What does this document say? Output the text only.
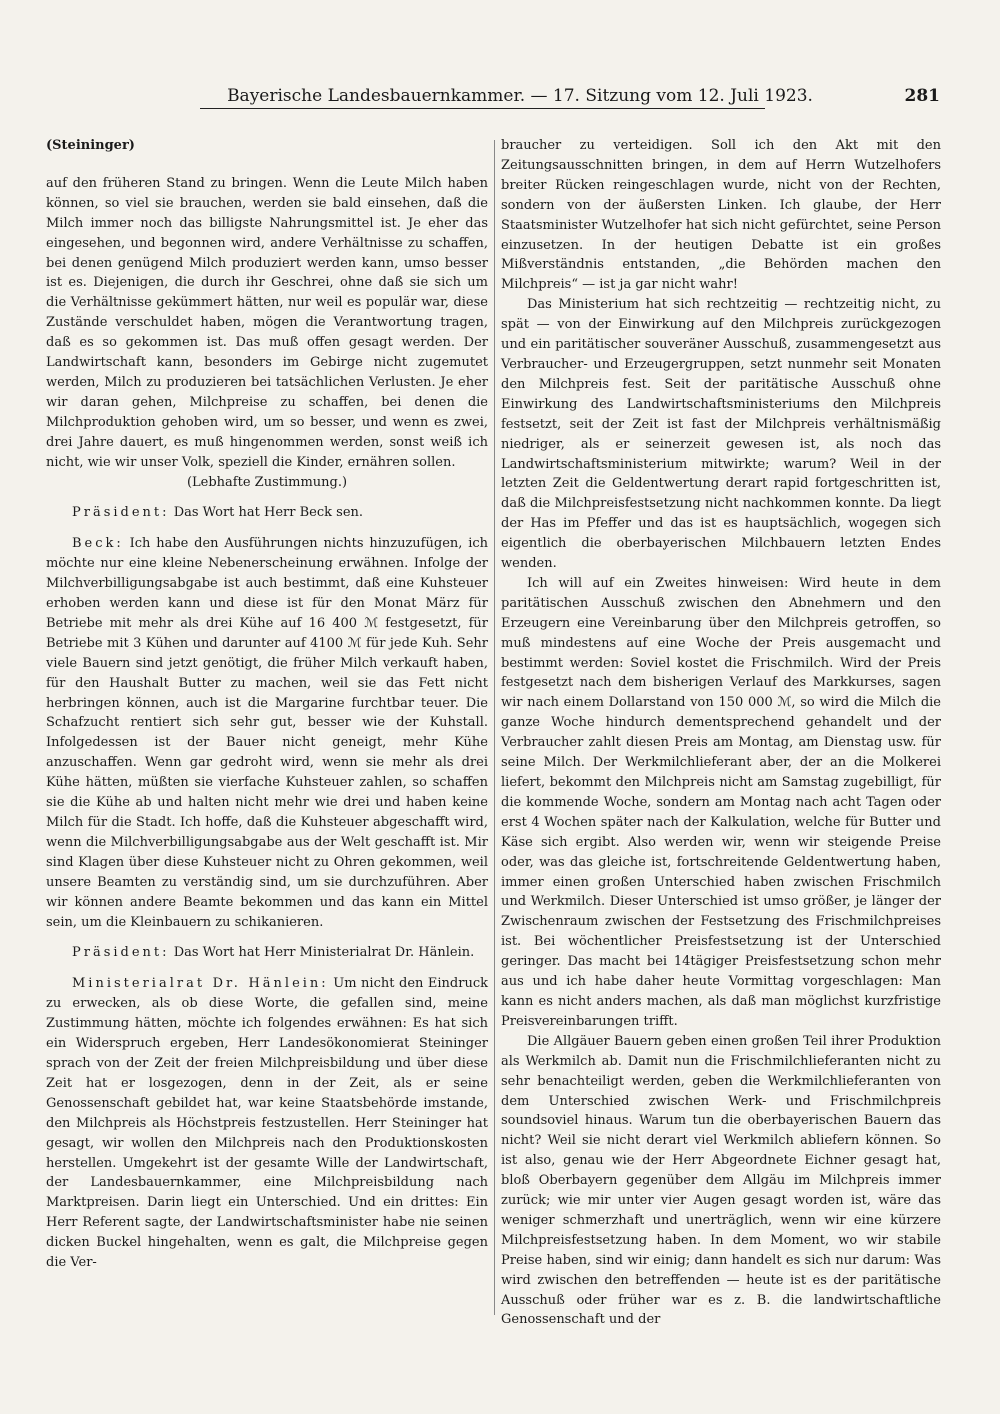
Bayerische Landesbauernkammer. — 17. Sitzung vom 12. Juli 1923.	281

(Steininger)

auf den früheren Stand zu bringen. Wenn die Leute Milch haben können, so viel sie brauchen, werden sie bald einsehen, daß die Milch immer noch das billigste Nahrungsmittel ist. Je eher das eingesehen, und begonnen wird, andere Verhältnisse zu schaffen, bei denen genügend Milch produziert werden kann, umso besser ist es. Diejenigen, die durch ihr Geschrei, ohne daß sie sich um die Verhältnisse gekümmert hätten, nur weil es populär war, diese Zustände verschuldet haben, mögen die Verantwortung tragen, daß es so gekommen ist. Das muß offen gesagt werden. Der Landwirtschaft kann, besonders im Gebirge nicht zugemutet werden, Milch zu produzieren bei tatsächlichen Verlusten. Je eher wir daran gehen, Milchpreise zu schaffen, bei denen die Milchproduktion gehoben wird, um so besser, und wenn es zwei, drei Jahre dauert, es muß hingenommen werden, sonst weiß ich nicht, wie wir unser Volk, speziell die Kinder, ernähren sollen.

(Lebhafte Zustimmung.)

Präsident: Das Wort hat Herr Beck sen.

Beck: Ich habe den Ausführungen nichts hinzuzufügen, ich möchte nur eine kleine Nebenerscheinung erwähnen. Infolge der Milchverbilligungsabgabe ist auch bestimmt, daß eine Kuhsteuer erhoben werden kann und diese ist für den Monat März für Betriebe mit mehr als drei Kühe auf 16 400 ℳ festgesetzt, für Betriebe mit 3 Kühen und darunter auf 4100 ℳ für jede Kuh. Sehr viele Bauern sind jetzt genötigt, die früher Milch verkauft haben, für den Haushalt Butter zu machen, weil sie das Fett nicht herbringen können, auch ist die Margarine furchtbar teuer. Die Schafzucht rentiert sich sehr gut, besser wie der Kuhstall. Infolgedessen ist der Bauer nicht geneigt, mehr Kühe anzuschaffen. Wenn gar gedroht wird, wenn sie mehr als drei Kühe hätten, müßten sie vierfache Kuhsteuer zahlen, so schaffen sie die Kühe ab und halten nicht mehr wie drei und haben keine Milch für die Stadt. Ich hoffe, daß die Kuhsteuer abgeschafft wird, wenn die Milchverbilligungsabgabe aus der Welt geschafft ist. Mir sind Klagen über diese Kuhsteuer nicht zu Ohren gekommen, weil unsere Beamten zu verständig sind, um sie durchzuführen. Aber wir können andere Beamte bekommen und das kann ein Mittel sein, um die Kleinbauern zu schikanieren.

Präsident: Das Wort hat Herr Ministerialrat Dr. Hänlein.

Ministerialrat Dr. Hänlein: Um nicht den Eindruck zu erwecken, als ob diese Worte, die gefallen sind, meine Zustimmung hätten, möchte ich folgendes erwähnen: Es hat sich ein Widerspruch ergeben, Herr Landesökonomierat Steininger sprach von der Zeit der freien Milchpreisbildung und über diese Zeit hat er losgezogen, denn in der Zeit, als er seine Genossenschaft gebildet hat, war keine Staatsbehörde imstande, den Milchpreis als Höchstpreis festzustellen. Herr Steininger hat gesagt, wir wollen den Milchpreis nach den Produktionskosten herstellen. Umgekehrt ist der gesamte Wille der Landwirtschaft, der Landesbauernkammer, eine Milchpreisbildung nach Marktpreisen. Darin liegt ein Unterschied. Und ein drittes: Ein Herr Referent sagte, der Landwirtschaftsminister habe nie seinen dicken Buckel hingehalten, wenn es galt, die Milchpreise gegen die Ver-

braucher zu verteidigen. Soll ich den Akt mit den Zeitungsausschnitten bringen, in dem auf Herrn Wutzelhofers breiter Rücken reingeschlagen wurde, nicht von der Rechten, sondern von der äußersten Linken. Ich glaube, der Herr Staatsminister Wutzelhofer hat sich nicht gefürchtet, seine Person einzusetzen. In der heutigen Debatte ist ein großes Mißverständnis entstanden, „die Behörden machen den Milchpreis“ — ist ja gar nicht wahr!

Das Ministerium hat sich rechtzeitig — rechtzeitig nicht, zu spät — von der Einwirkung auf den Milchpreis zurückgezogen und ein paritätischer souveräner Ausschuß, zusammengesetzt aus Verbraucher- und Erzeugergruppen, setzt nunmehr seit Monaten den Milchpreis fest. Seit der paritätische Ausschuß ohne Einwirkung des Landwirtschaftsministeriums den Milchpreis festsetzt, seit der Zeit ist fast der Milchpreis verhältnismäßig niedriger, als er seinerzeit gewesen ist, als noch das Landwirtschaftsministerium mitwirkte; warum? Weil in der letzten Zeit die Geldentwertung derart rapid fortgeschritten ist, daß die Milchpreisfestsetzung nicht nachkommen konnte. Da liegt der Has im Pfeffer und das ist es hauptsächlich, wogegen sich eigentlich die oberbayerischen Milchbauern letzten Endes wenden.

Ich will auf ein Zweites hinweisen: Wird heute in dem paritätischen Ausschuß zwischen den Abnehmern und den Erzeugern eine Vereinbarung über den Milchpreis getroffen, so muß mindestens auf eine Woche der Preis ausgemacht und bestimmt werden: Soviel kostet die Frischmilch. Wird der Preis festgesetzt nach dem bisherigen Verlauf des Markkurses, sagen wir nach einem Dollarstand von 150 000 ℳ, so wird die Milch die ganze Woche hindurch dementsprechend gehandelt und der Verbraucher zahlt diesen Preis am Montag, am Dienstag usw. für seine Milch. Der Werkmilchlieferant aber, der an die Molkerei liefert, bekommt den Milchpreis nicht am Samstag zugebilligt, für die kommende Woche, sondern am Montag nach acht Tagen oder erst 4 Wochen später nach der Kalkulation, welche für Butter und Käse sich ergibt. Also werden wir, wenn wir steigende Preise oder, was das gleiche ist, fortschreitende Geldentwertung haben, immer einen großen Unterschied haben zwischen Frischmilch und Werkmilch. Dieser Unterschied ist umso größer, je länger der Zwischenraum zwischen der Festsetzung des Frischmilchpreises ist. Bei wöchentlicher Preisfestsetzung ist der Unterschied geringer. Das macht bei 14tägiger Preisfestsetzung schon mehr aus und ich habe daher heute Vormittag vorgeschlagen: Man kann es nicht anders machen, als daß man möglichst kurzfristige Preisvereinbarungen trifft.

Die Allgäuer Bauern geben einen großen Teil ihrer Produktion als Werkmilch ab. Damit nun die Frischmilchlieferanten nicht zu sehr benachteiligt werden, geben die Werkmilchlieferanten von dem Unterschied zwischen Werk- und Frischmilchpreis soundsoviel hinaus. Warum tun die oberbayerischen Bauern das nicht? Weil sie nicht derart viel Werkmilch abliefern können. So ist also, genau wie der Herr Abgeordnete Eichner gesagt hat, bloß Oberbayern gegenüber dem Allgäu im Milchpreis immer zurück; wie mir unter vier Augen gesagt worden ist, wäre das weniger schmerzhaft und unerträglich, wenn wir eine kürzere Milchpreisfestsetzung haben. In dem Moment, wo wir stabile Preise haben, sind wir einig; dann handelt es sich nur darum: Was wird zwischen den betreffenden — heute ist es der paritätische Ausschuß oder früher war es z. B. die landwirtschaftliche Genossenschaft und der
